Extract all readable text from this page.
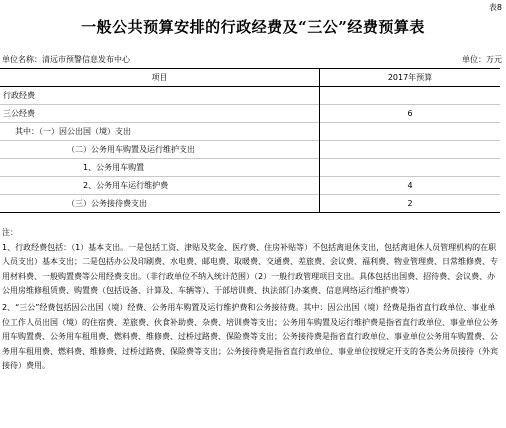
表8
一般公共预算安排的行政经费及“三公”经费预算表
单位名称：清远市预警信息发布中心	单位：万元
项目	2017年预算
行政经费	
三公经费	6
其中：（一）因公出国（境）支出	
（二）公务用车购置及运行维护支出	
1、公务用车购置	
2、公务用车运行维护费	4
（三）公务接待费支出	2

注：

1、行政经费包括：（1）基本支出。一是包括工资、津贴及奖金、医疗费、住房补贴等）不包括离退休支出，包括离退休人员管理机构的在职人员支出）基本支出；二是包括办公及印刷费、水电费、邮电费、取暖费、交通费、差旅费、会议费、福利费、物业管理费、日常维修费、专用材料费、一般购置费等公用经费支出。（非行政单位不纳入统计范围）（2）一般行政管理项目支出。具体包括出国费、招待费、会议费、办公用房维修租赁费、购置费（包括设备、计算及、车辆等）、干部培训费、执法部门办案费、信息网络运行维护费等）

2、“三公”经费包括因公出国（境）经费、公务用车购置及运行维护费和公务接待费。其中：因公出国（境）经费是指省直行政单位、事业单位工作人员出国（境）的住宿费、差旅费、伙食补助费、杂费、培训费等支出；公务用车购置及运行维护费是指省直行政单位、事业单位公务用车购置费、公务用车租用费、燃料费、维修费、过桥过路费、保险费等支出；公务接待费是指省直行政单位、事业单位公务用车购置费、公务用车租用费、燃料费、维修费、过桥过路费、保险费等支出；公务接待费是指省直行政单位、事业单位按规定开支的各类公务员接待（外宾接待）费用。
